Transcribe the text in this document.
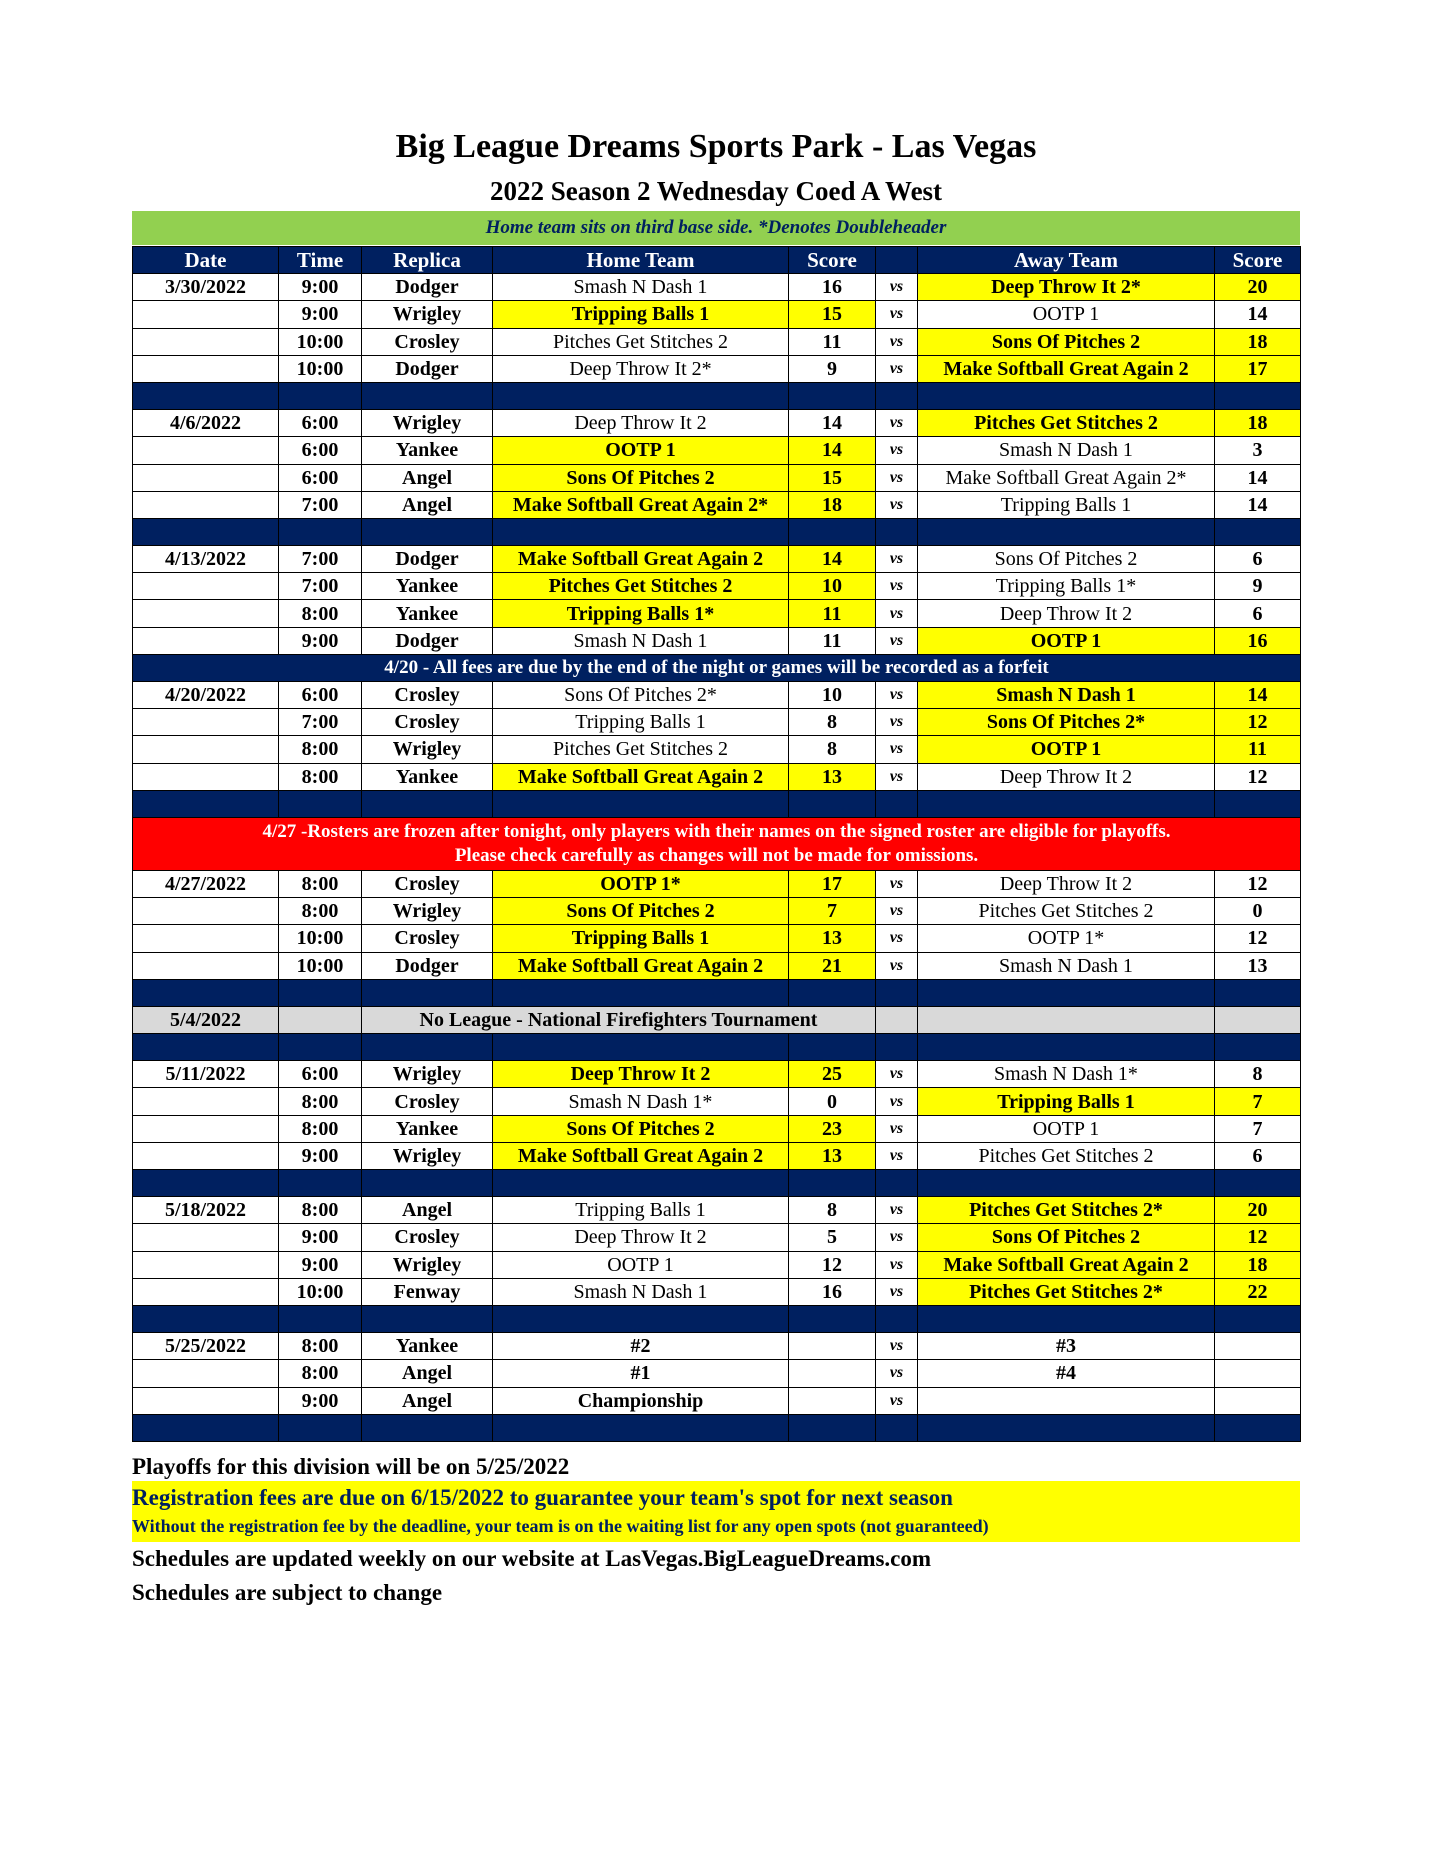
Big League Dreams Sports Park - Las Vegas
2022 Season 2 Wednesday Coed A West
Home team sits on third base side. *Denotes Doubleheader
Date	Time	Replica	Home Team	Score		Away Team	Score
3/30/2022	9:00	Dodger	Smash N Dash 1	16	vs	Deep Throw It 2*	20
	9:00	Wrigley	Tripping Balls 1	15	vs	OOTP 1	14
	10:00	Crosley	Pitches Get Stitches 2	11	vs	Sons Of Pitches 2	18
	10:00	Dodger	Deep Throw It 2*	9	vs	Make Softball Great Again 2	17

4/6/2022	6:00	Wrigley	Deep Throw It 2	14	vs	Pitches Get Stitches 2	18
	6:00	Yankee	OOTP 1	14	vs	Smash N Dash 1	3
	6:00	Angel	Sons Of Pitches 2	15	vs	Make Softball Great Again 2*	14
	7:00	Angel	Make Softball Great Again 2*	18	vs	Tripping Balls 1	14

4/13/2022	7:00	Dodger	Make Softball Great Again 2	14	vs	Sons Of Pitches 2	6
	7:00	Yankee	Pitches Get Stitches 2	10	vs	Tripping Balls 1*	9
	8:00	Yankee	Tripping Balls 1*	11	vs	Deep Throw It 2	6
	9:00	Dodger	Smash N Dash 1	11	vs	OOTP 1	16
4/20 - All fees are due by the end of the night or games will be recorded as a forfeit							
4/20/2022	6:00	Crosley	Sons Of Pitches 2*	10	vs	Smash N Dash 1	14
	7:00	Crosley	Tripping Balls 1	8	vs	Sons Of Pitches 2*	12
	8:00	Wrigley	Pitches Get Stitches 2	8	vs	OOTP 1	11
	8:00	Yankee	Make Softball Great Again 2	13	vs	Deep Throw It 2	12

4/27 -Rosters are frozen after tonight, only players with their names on the signed roster are eligible for playoffs.
Please check carefully as changes will not be made for omissions.							

4/27/2022	8:00	Crosley	OOTP 1*	17	vs	Deep Throw It 2	12
	8:00	Wrigley	Sons Of Pitches 2	7	vs	Pitches Get Stitches 2	0
	10:00	Crosley	Tripping Balls 1	13	vs	OOTP 1*	12
	10:00	Dodger	Make Softball Great Again 2	21	vs	Smash N Dash 1	13

5/4/2022		No League - National Firefighters Tournament					

5/11/2022	6:00	Wrigley	Deep Throw It 2	25	vs	Smash N Dash 1*	8
	8:00	Crosley	Smash N Dash 1*	0	vs	Tripping Balls 1	7
	8:00	Yankee	Sons Of Pitches 2	23	vs	OOTP 1	7
	9:00	Wrigley	Make Softball Great Again 2	13	vs	Pitches Get Stitches 2	6

5/18/2022	8:00	Angel	Tripping Balls 1	8	vs	Pitches Get Stitches 2*	20
	9:00	Crosley	Deep Throw It 2	5	vs	Sons Of Pitches 2	12
	9:00	Wrigley	OOTP 1	12	vs	Make Softball Great Again 2	18
	10:00	Fenway	Smash N Dash 1	16	vs	Pitches Get Stitches 2*	22

5/25/2022	8:00	Yankee	#2		vs	#3	
	8:00	Angel	#1		vs	#4	
	9:00	Angel	Championship		vs		

Playoffs for this division will be on 5/25/2022
Registration fees are due on 6/15/2022 to guarantee your team's spot for next season
Without the registration fee by the deadline, your team is on the waiting list for any open spots (not guaranteed)
Schedules are updated weekly on our website at LasVegas.BigLeagueDreams.com
Schedules are subject to change
